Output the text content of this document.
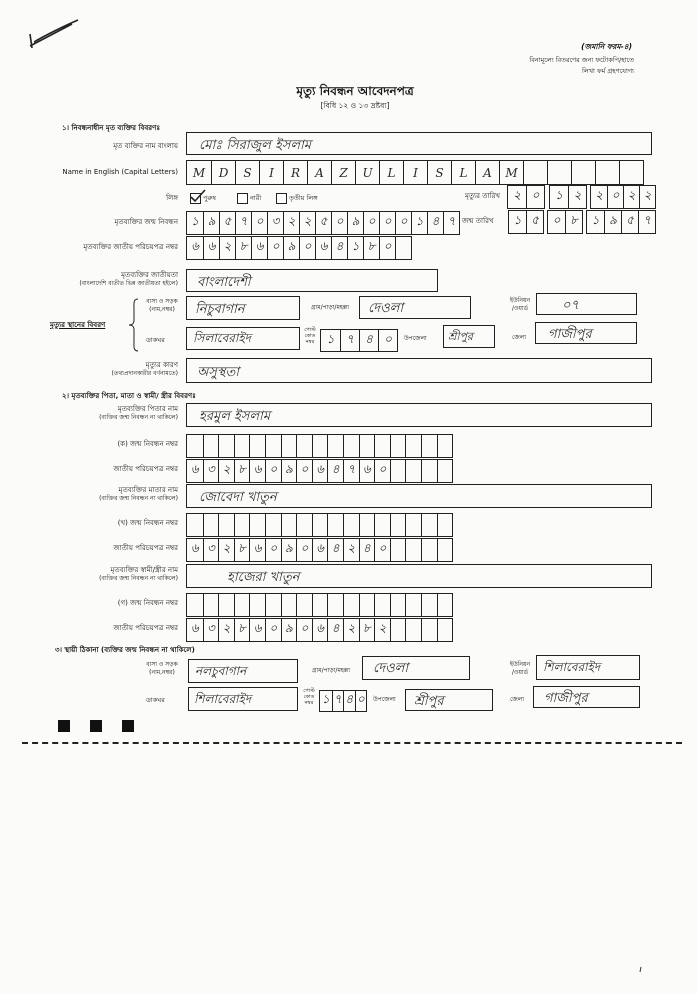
(জমানি ফরম-৪)
বিনামূল্যে বিতরণের জন্য ফটোকপি/হাতে
লিখা ফর্ম গ্রহণযোগ্য
মৃত্যু নিবন্ধন আবেদনপত্র
[বিধি ১২ ও ১৩ দ্রষ্টব্য]
১। নিবন্ধনাধীন মৃত ব্যক্তির বিবরণঃ
মৃত ব্যক্তির নাম বাংলায় মোঃ সিরাজুল ইসলাম
Name in English (Capital Letters)	M	D	S	I	R	A	Z	U	L	I	S	L	A	M
লিঙ্গ	পুরুষ	নারী	তৃতীয় লিঙ্গ	মৃত্যুর তারিখ	২ ০	১ ২	২ ০ ২ ২
মৃতব্যক্তির জন্ম নিবন্ধন	১ ৯ ৫ ৭ ০ ৩ ২ ২ ৫ ০ ৯ ০ ০ ০ ১ ৪ ৭ জন্ম তারিখ	১ ৫	০ ৮	১ ৯ ৫ ৭
মৃতব্যক্তির জাতীয় পরিচয়পত্র নম্বর	৬ ৬ ২ ৮ ৬ ০ ৯ ০ ৬ ৪ ১ ৮ ০
মৃতব্যক্তির জাতীয়তা
(বাংলাদেশি ব্যতীত ভিন্ন জাতীয়তা হইলে) বাংলাদেশী
মৃত্যুর স্থানের বিবরণ
বাসা ও সড়ক
(নাম,নম্বর)	নিচুবাগান	গ্রাম/পাড়া/মহল্লা দেওলা
ইউনিয়ন
/ওয়ার্ড	০৭
ডাকঘর সিলাবেরাইদ
পোস্ট কোড নম্বর	১ ৭ ৪ ০	উপজেলা শ্রীপুর	জেলা গাজীপুর
মৃত্যুর কারণ
(তথ্যপ্রদানকারীর বর্ণনামতে) অসুস্থতা
২। মৃতব্যক্তির পিতা, মাতা ও স্বামী/ স্ত্রীর বিবরণঃ
মৃতব্যক্তির পিতার নাম
(ব্যক্তির জন্ম নিবন্ধন না থাকিলে) হরমুল ইসলাম
(ক) জন্ম নিবন্ধন নম্বর
জাতীয় পরিচয়পত্র নম্বর	৬ ৩ ২ ৮ ৬ ০ ৯ ০ ৬ ৪ ৭ ৬ ০
মৃতব্যক্তির মাতার নাম
(ব্যক্তির জন্ম নিবন্ধন না থাকিলে) জোবেদা খাতুন
(খ) জন্ম নিবন্ধন নম্বর
জাতীয় পরিচয়পত্র নম্বর	৬ ৩ ২ ৮ ৬ ০ ৯ ০ ৬ ৪ ২ ৪ ০
মৃতব্যক্তির স্বামী/স্ত্রীর নাম
(ব্যক্তির জন্ম নিবন্ধন না থাকিলে)	হাজেরা খাতুন
(গ) জন্ম নিবন্ধন নম্বর
জাতীয় পরিচয়পত্র নম্বর	৬ ৩ ২ ৮ ৬ ০ ৯ ০ ৬ ৪ ২ ৮ ২
৩। স্থায়ী ঠিকানা (ব্যক্তির জন্ম নিবন্ধন না থাকিলে)
বাসা ও সড়ক
(নাম,নম্বর)	নলচুবাগান	গ্রাম/পাড়া/মহল্লা দেওলা	ইউনিয়ন
/ওয়ার্ড	শিলাবেরাইদ
ডাকঘর শিলাবেরাইদ
পোস্ট কোড নম্বর ১ ৭ ৪ ০ উপজেলা শ্রীপুর	জেলা গাজীপুর
